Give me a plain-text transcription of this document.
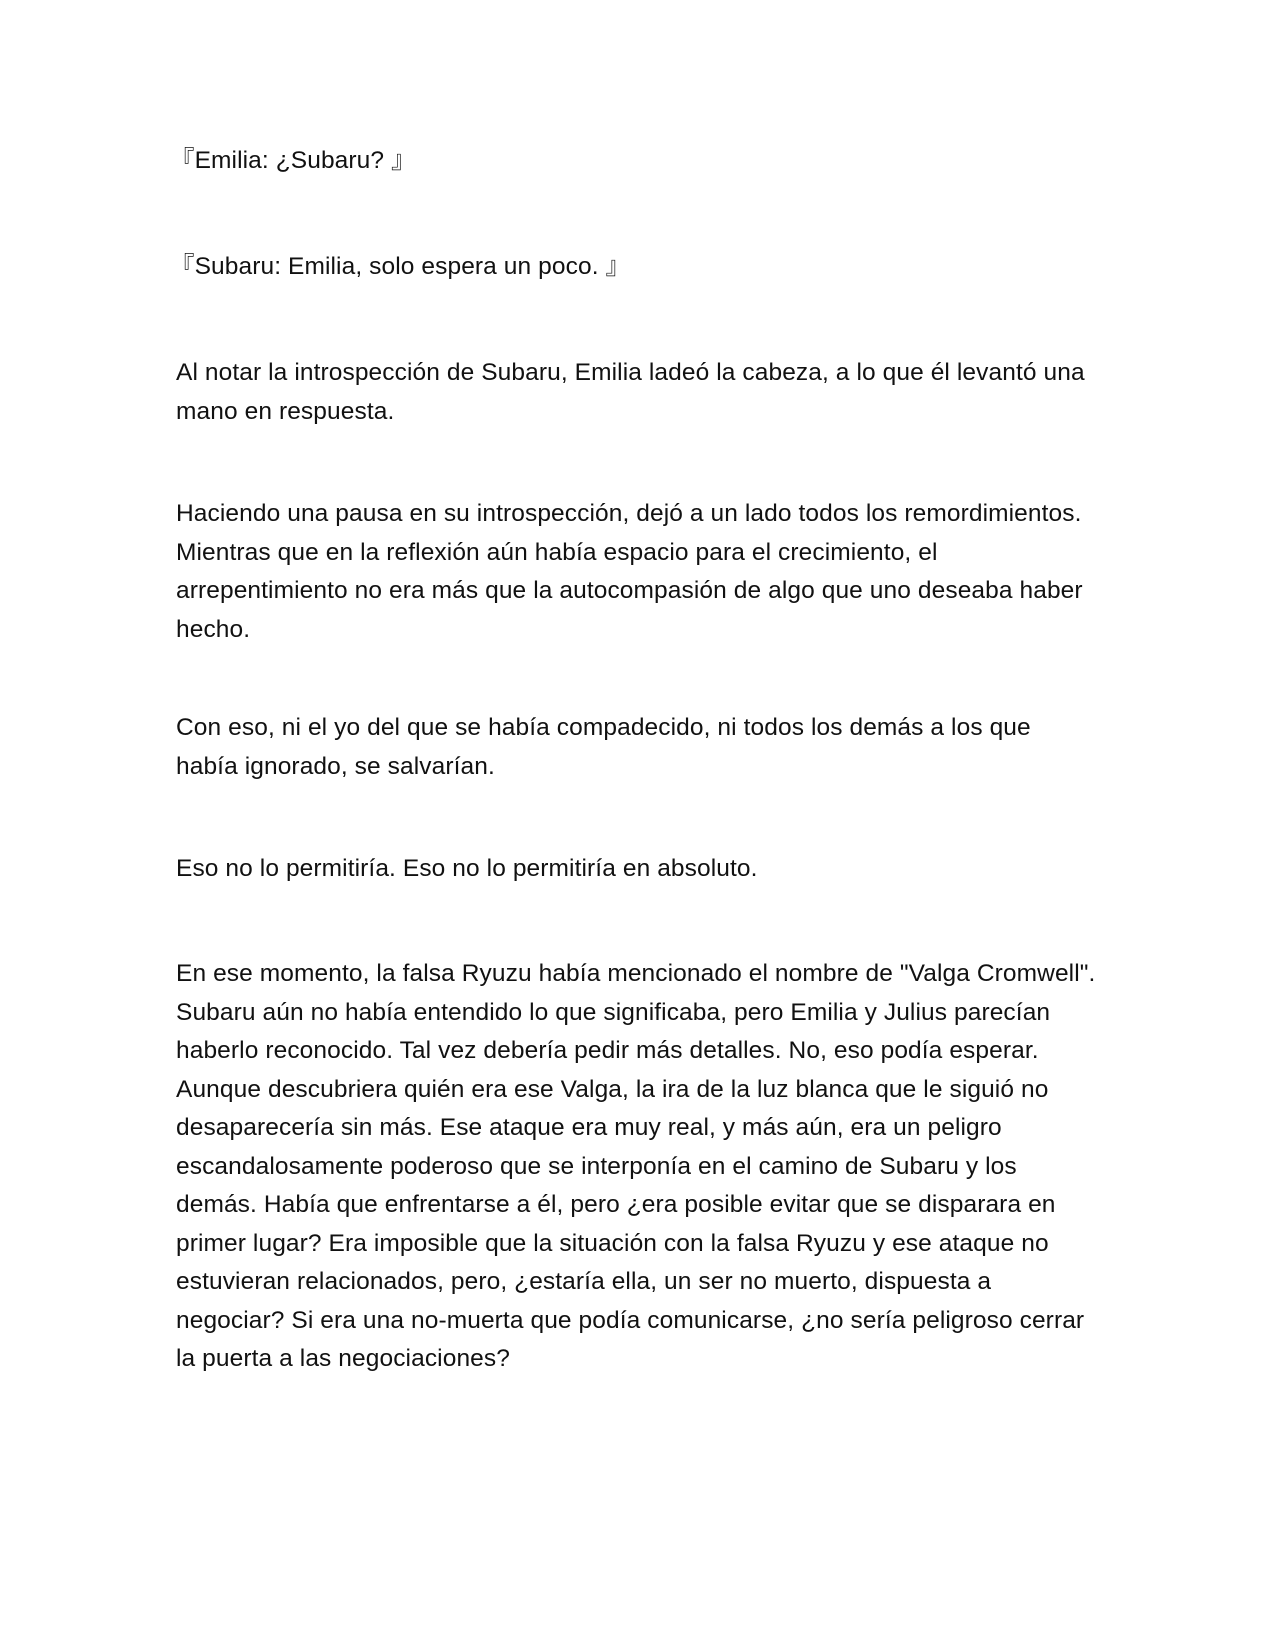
『Emilia: ¿Subaru? 』

『Subaru: Emilia, solo espera un poco. 』

Al notar la introspección de Subaru, Emilia ladeó la cabeza, a lo que él levantó una mano en respuesta.

Haciendo una pausa en su introspección, dejó a un lado todos los remordimientos. Mientras que en la reflexión aún había espacio para el crecimiento, el arrepentimiento no era más que la autocompasión de algo que uno deseaba haber hecho.

Con eso, ni el yo del que se había compadecido, ni todos los demás a los que había ignorado, se salvarían.

Eso no lo permitiría. Eso no lo permitiría en absoluto.

En ese momento, la falsa Ryuzu había mencionado el nombre de "Valga Cromwell". Subaru aún no había entendido lo que significaba, pero Emilia y Julius parecían haberlo reconocido. Tal vez debería pedir más detalles. No, eso podía esperar. Aunque descubriera quién era ese Valga, la ira de la luz blanca que le siguió no desaparecería sin más. Ese ataque era muy real, y más aún, era un peligro escandalosamente poderoso que se interponía en el camino de Subaru y los demás. Había que enfrentarse a él, pero ¿era posible evitar que se disparara en primer lugar? Era imposible que la situación con la falsa Ryuzu y ese ataque no estuvieran relacionados, pero, ¿estaría ella, un ser no muerto, dispuesta a negociar? Si era una no-muerta que podía comunicarse, ¿no sería peligroso cerrar la puerta a las negociaciones?
